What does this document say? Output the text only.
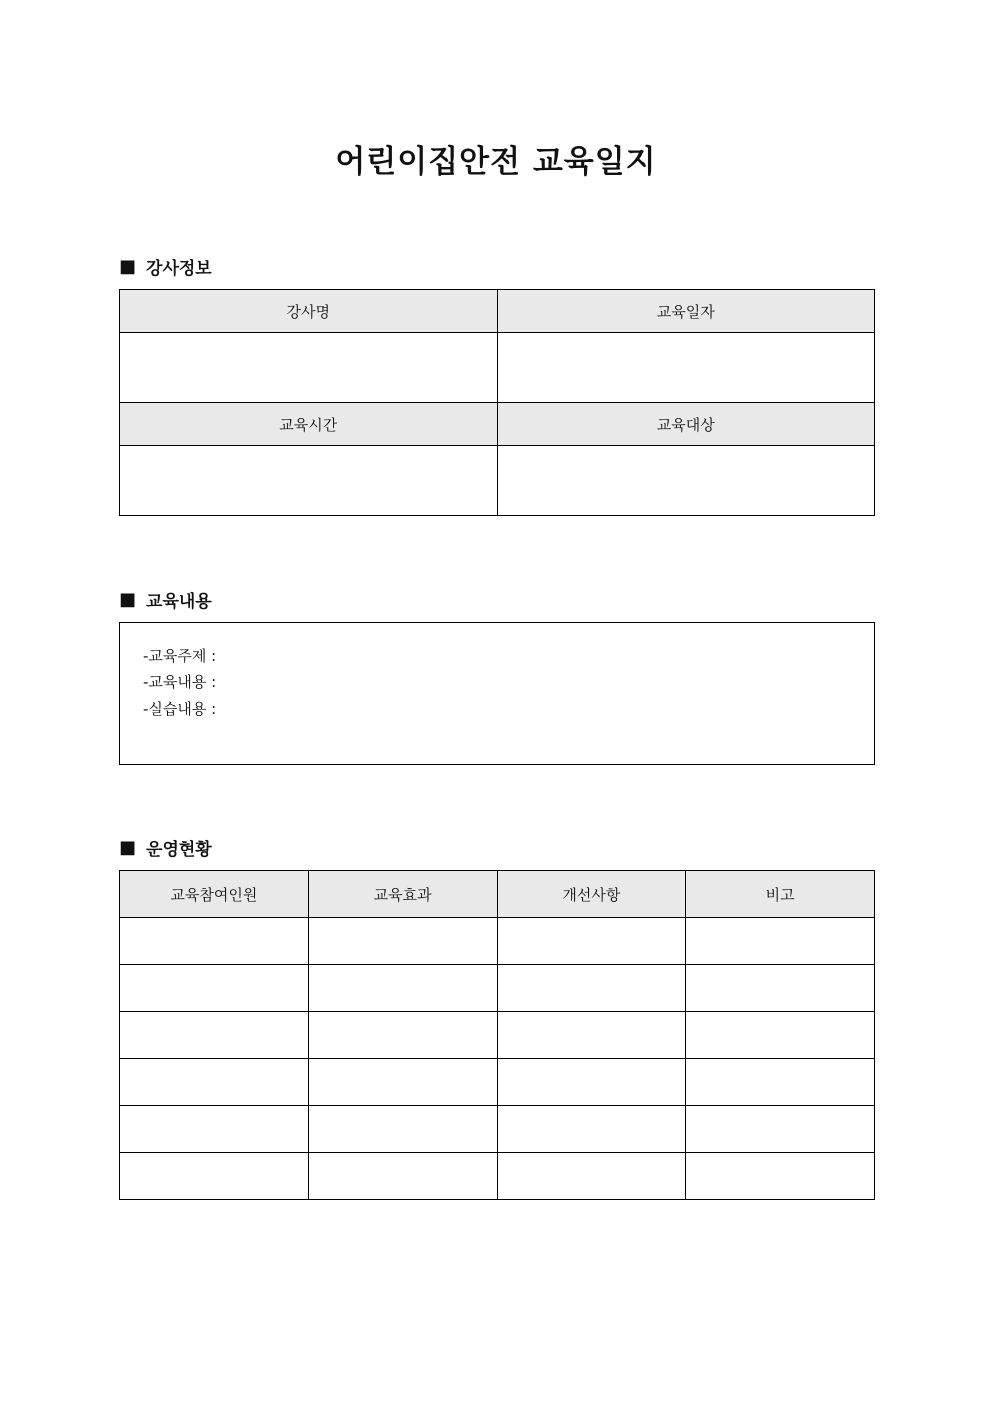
어린이집안전 교육일지
■ 강사정보
강사명	교육일자

교육시간	교육대상

■ 교육내용
-교육주제 :
-교육내용 :
-실습내용 :
■ 운영현황
교육참여인원	교육효과	개선사항	비고
